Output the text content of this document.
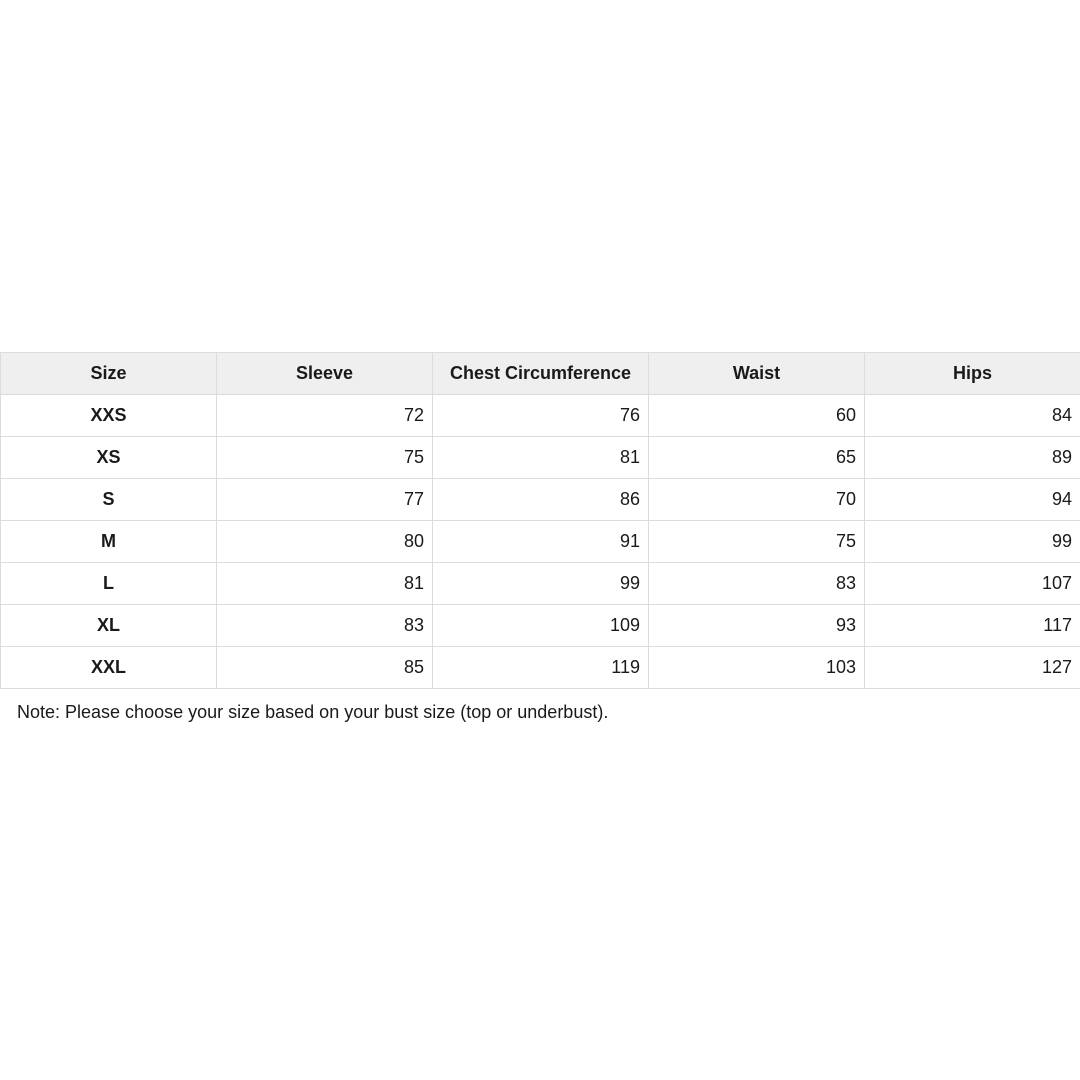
Size	Sleeve	Chest Circumference	Waist	Hips
XXS	72	76	60	84
XS	75	81	65	89
S	77	86	70	94
M	80	91	75	99
L	81	99	83	107
XL	83	109	93	117
XXL	85	119	103	127
Note: Please choose your size based on your bust size (top or underbust).
